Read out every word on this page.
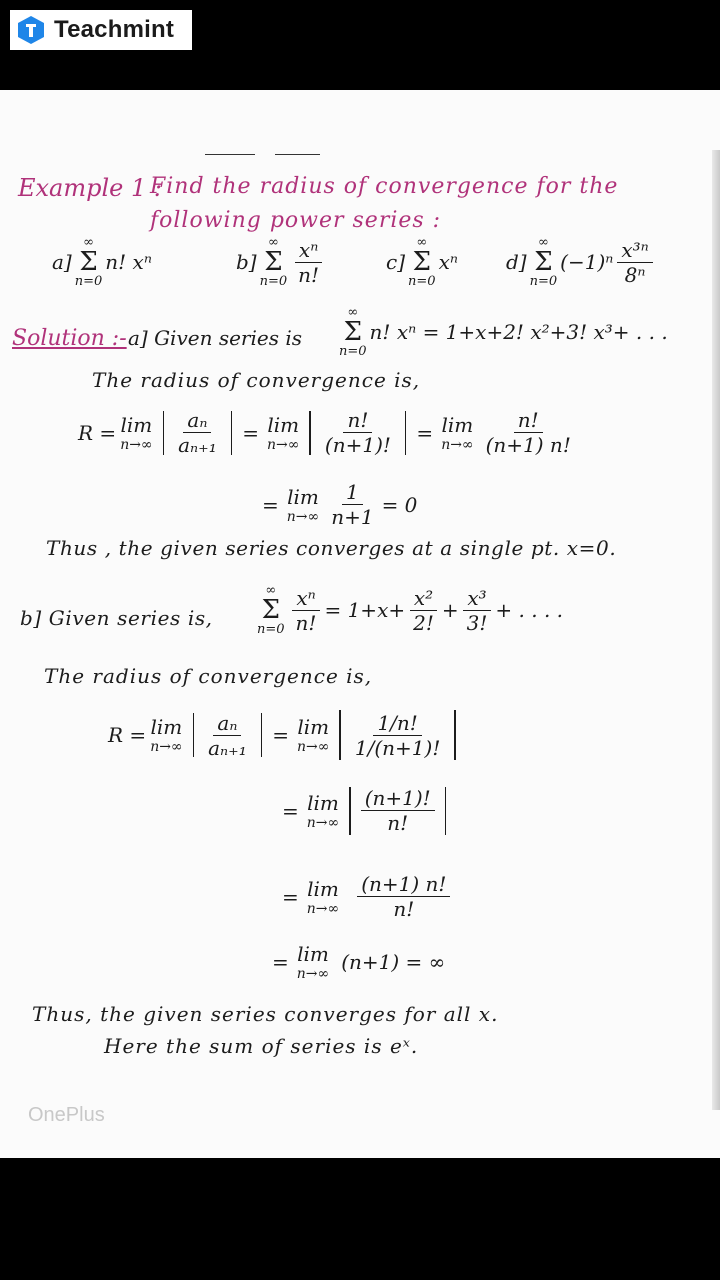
Teachmint
Example 1 :
Find the radius of convergence for the following power series :
a]
∞
Σ
n=0
n! xⁿ	b]
∞
Σ
$n=0 \frac{\text{xⁿ}}{n!}$	c]
∞
Σ
n=0
xⁿ d]
∞
Σ
n=0
$(-1)^n \frac{\text{x³ⁿ}}{\text{8ⁿ}}$
Solution :- a] Given series is
∞
Σ
n=0
n! xⁿ = 1+x+2! x²+3! x³+ . . .
The radius of convergence is,
R = lim
$n\to\infty \frac{\text{aₙ}}{\text{aₙ₊₁}} = \lim$
$n\to\infty \frac{n!}{(n+1)!} = \lim$
$n\to\infty \frac{n!}{(n+1) n!}$
= lim
$n\to\infty \frac{1}{n+1} = 0$
Thus , the given series converges at a single pt. x=0.
b] Given series is,
∞
Σ
$n=0 \frac{\text{xⁿ}}{n!} = 1+x+ \frac{\text{x²}}{2!} + \frac{\text{x³}}{3!}$ + . . . .
The radius of convergence is,
R = lim
$n\to\infty \frac{\text{aₙ}}{\text{aₙ₊₁}} = \lim$
$n\to\infty \frac{1/n!}{1/(n+1)!}$
= lim
$n\to\infty \frac{(n+1)!}{n!}$
= lim
$n\to\infty \frac{(n+1) n!}{n!}$
= lim
n→∞ (n+1) = ∞
Thus, the given series converges for all x.
Here the sum of series is eˣ.
OnePlus
